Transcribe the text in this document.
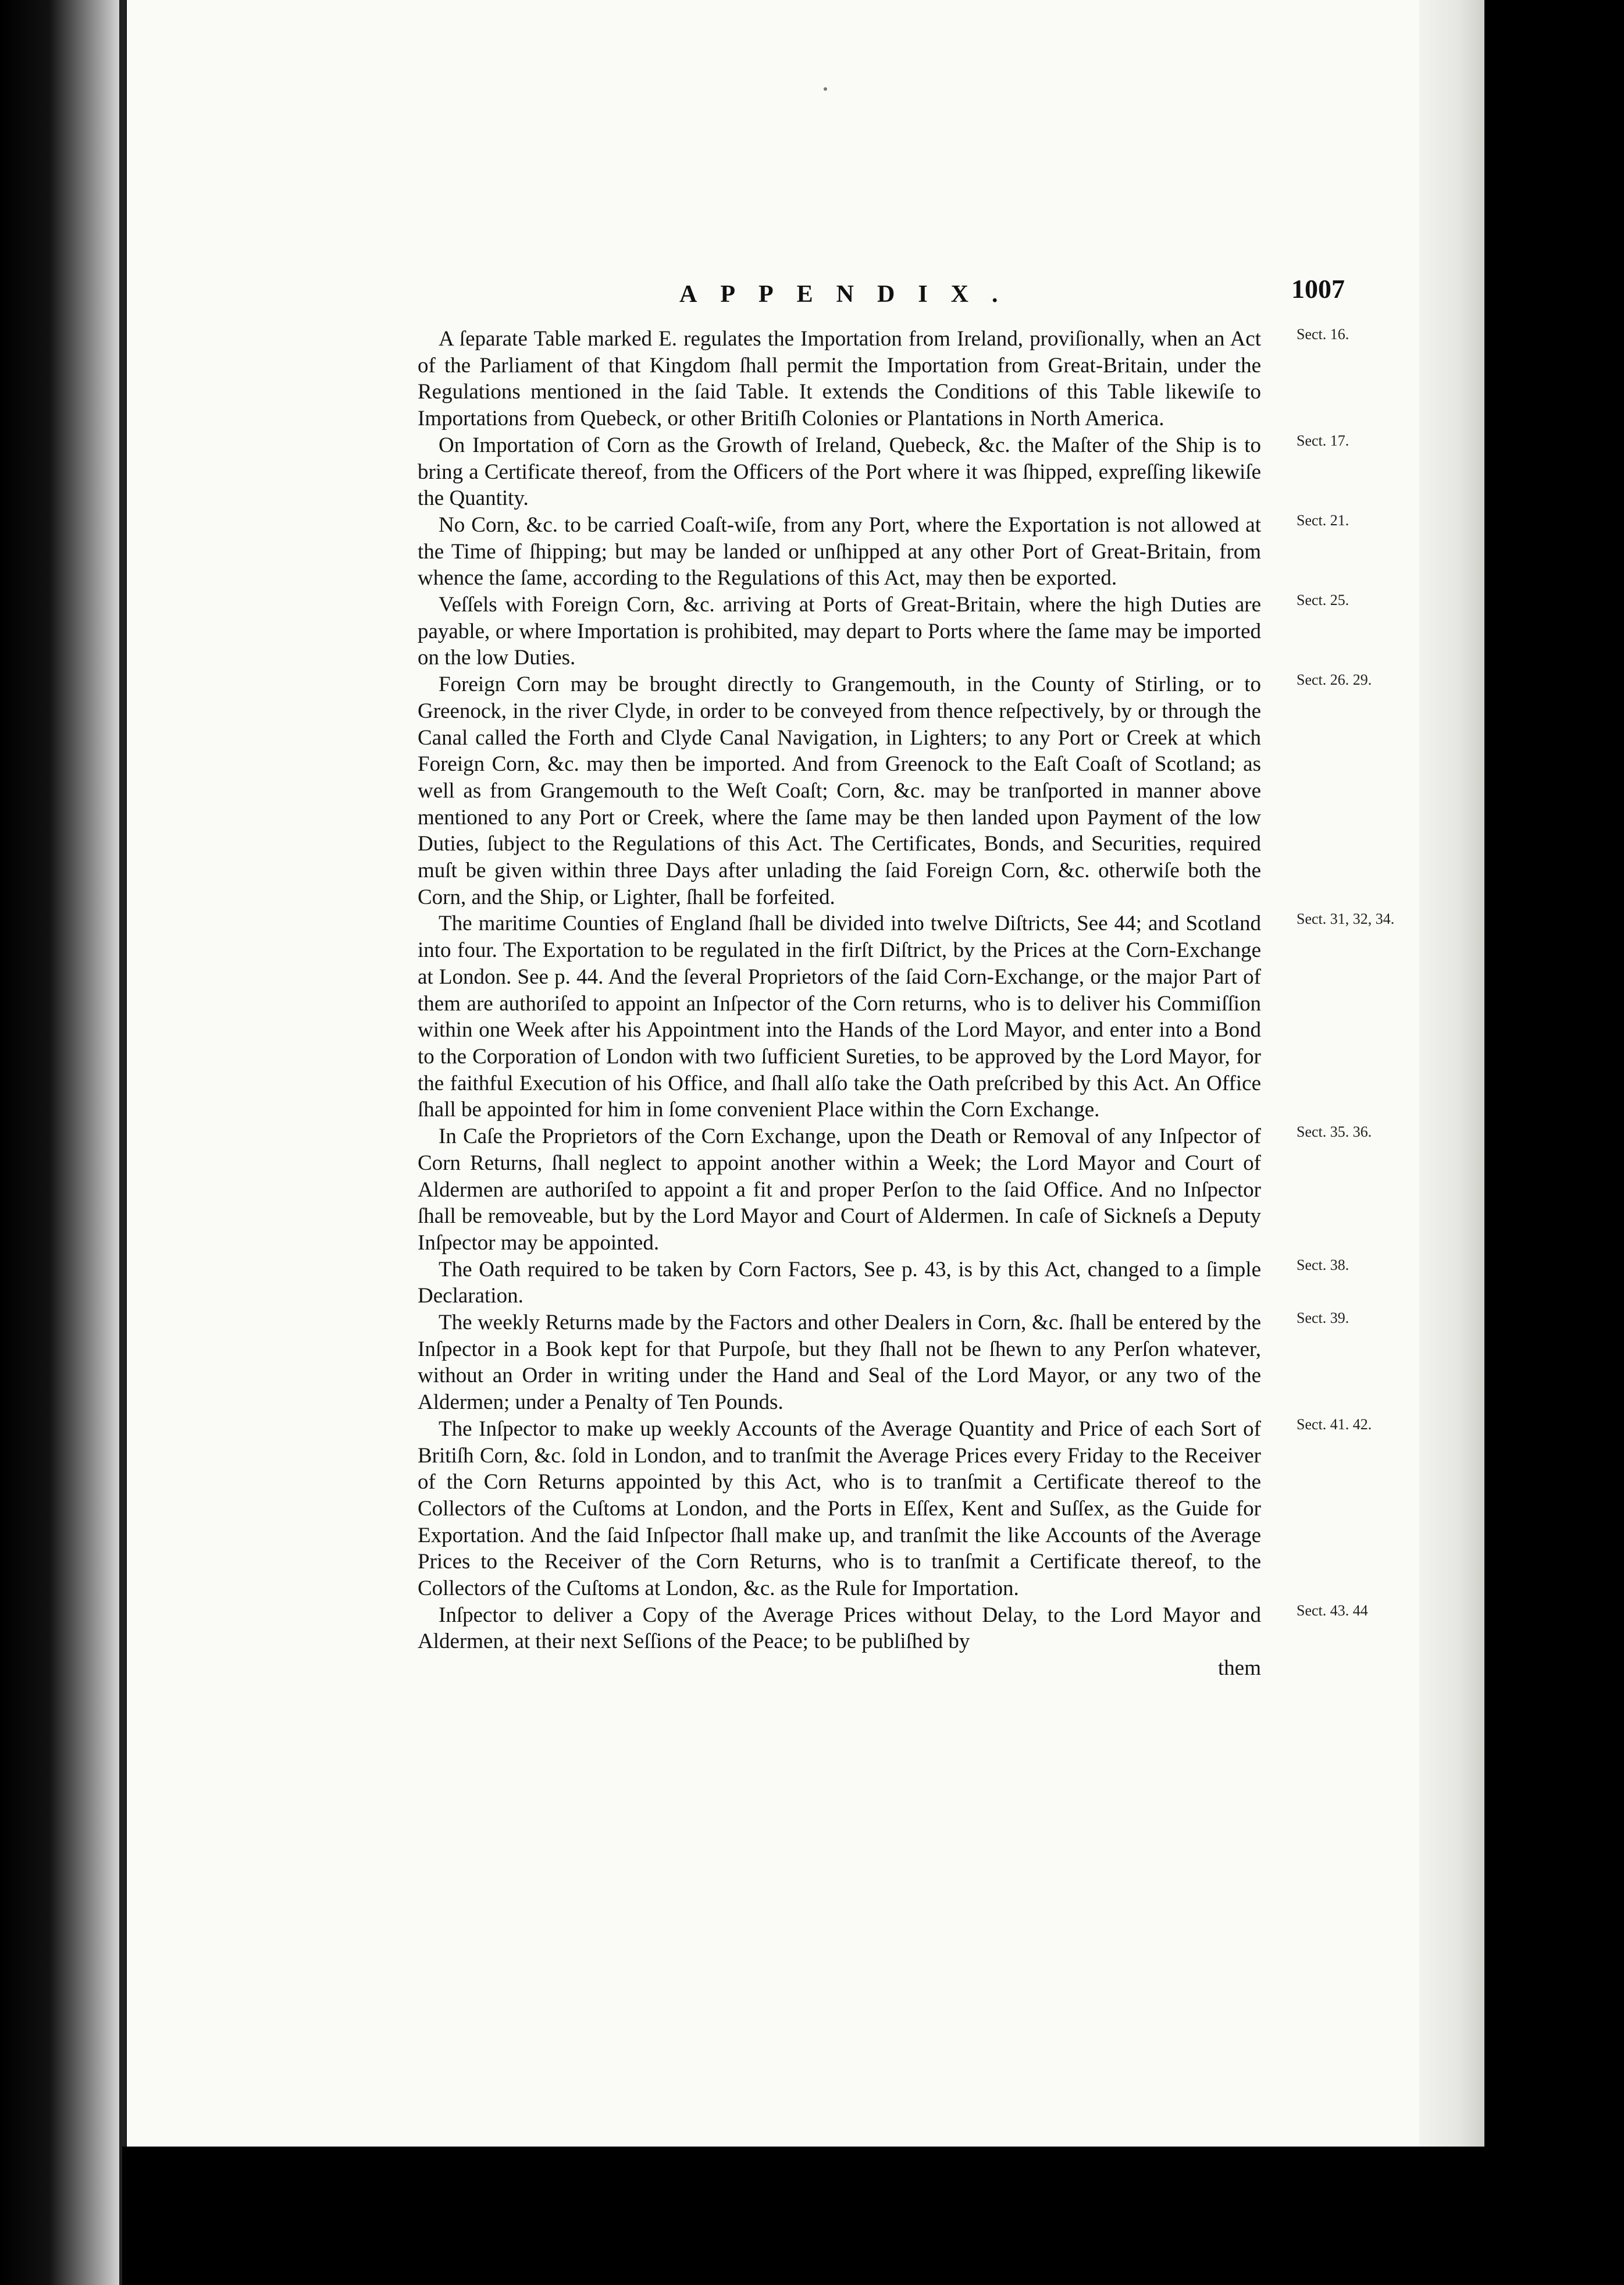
APPENDIX.	1007

A ſeparate Table marked E. regulates the Importation from Ireland, proviſionally, when an Act of the Parliament of that Kingdom ſhall permit the Importation from Great-Britain, under the Regulations mentioned in the ſaid Table. It extends the Conditions of this Table likewiſe to Importations from Quebeck, or other Britiſh Colonies or Plantations in North America.
Sect. 16.

On Importation of Corn as the Growth of Ireland, Quebeck, &c. the Maſter of the Ship is to bring a Certificate thereof, from the Officers of the Port where it was ſhipped, expreſſing likewiſe the Quantity.
Sect. 17.

No Corn, &c. to be carried Coaſt-wiſe, from any Port, where the Exportation is not allowed at the Time of ſhipping; but may be landed or unſhipped at any other Port of Great-Britain, from whence the ſame, according to the Regulations of this Act, may then be exported.
Sect. 21.

Veſſels with Foreign Corn, &c. arriving at Ports of Great-Britain, where the high Duties are payable, or where Importation is prohibited, may depart to Ports where the ſame may be imported on the low Duties.
Sect. 25.

Foreign Corn may be brought directly to Grangemouth, in the County of Stirling, or to Greenock, in the river Clyde, in order to be conveyed from thence reſpectively, by or through the Canal called the Forth and Clyde Canal Navigation, in Lighters; to any Port or Creek at which Foreign Corn, &c. may then be imported. And from Greenock to the Eaſt Coaſt of Scotland; as well as from Grangemouth to the Weſt Coaſt; Corn, &c. may be tranſported in manner above mentioned to any Port or Creek, where the ſame may be then landed upon Payment of the low Duties, ſubject to the Regulations of this Act. The Certificates, Bonds, and Securities, required muſt be given within three Days after unlading the ſaid Foreign Corn, &c. otherwiſe both the Corn, and the Ship, or Lighter, ſhall be forfeited.
Sect. 26. 29.

The maritime Counties of England ſhall be divided into twelve Diſtricts, See 44; and Scotland into four. The Exportation to be regulated in the firſt Diſtrict, by the Prices at the Corn-Exchange at London. See p. 44. And the ſeveral Proprietors of the ſaid Corn-Exchange, or the major Part of them are authoriſed to appoint an Inſpector of the Corn returns, who is to deliver his Commiſſion within one Week after his Appointment into the Hands of the Lord Mayor, and enter into a Bond to the Corporation of London with two ſufficient Sureties, to be approved by the Lord Mayor, for the faithful Execution of his Office, and ſhall alſo take the Oath preſcribed by this Act. An Office ſhall be appointed for him in ſome convenient Place within the Corn Exchange.
Sect. 31, 32, 34.

In Caſe the Proprietors of the Corn Exchange, upon the Death or Removal of any Inſpector of Corn Returns, ſhall neglect to appoint another within a Week; the Lord Mayor and Court of Aldermen are authoriſed to appoint a fit and proper Perſon to the ſaid Office. And no Inſpector ſhall be removeable, but by the Lord Mayor and Court of Aldermen. In caſe of Sickneſs a Deputy Inſpector may be appointed.
Sect. 35. 36.

The Oath required to be taken by Corn Factors, See p. 43, is by this Act, changed to a ſimple Declaration.
Sect. 38.

The weekly Returns made by the Factors and other Dealers in Corn, &c. ſhall be entered by the Inſpector in a Book kept for that Purpoſe, but they ſhall not be ſhewn to any Perſon whatever, without an Order in writing under the Hand and Seal of the Lord Mayor, or any two of the Aldermen; under a Penalty of Ten Pounds.
Sect. 39.

The Inſpector to make up weekly Accounts of the Average Quantity and Price of each Sort of Britiſh Corn, &c. ſold in London, and to tranſmit the Average Prices every Friday to the Receiver of the Corn Returns appointed by this Act, who is to tranſmit a Certificate thereof to the Collectors of the Cuſtoms at London, and the Ports in Eſſex, Kent and Suſſex, as the Guide for Exportation. And the ſaid Inſpector ſhall make up, and tranſmit the like Accounts of the Average Prices to the Receiver of the Corn Returns, who is to tranſmit a Certificate thereof, to the Collectors of the Cuſtoms at London, &c. as the Rule for Importation.
Sect. 41. 42.

Inſpector to deliver a Copy of the Average Prices without Delay, to the Lord Mayor and Aldermen, at their next Seſſions of the Peace; to be publiſhed by
Sect. 43. 44

them
